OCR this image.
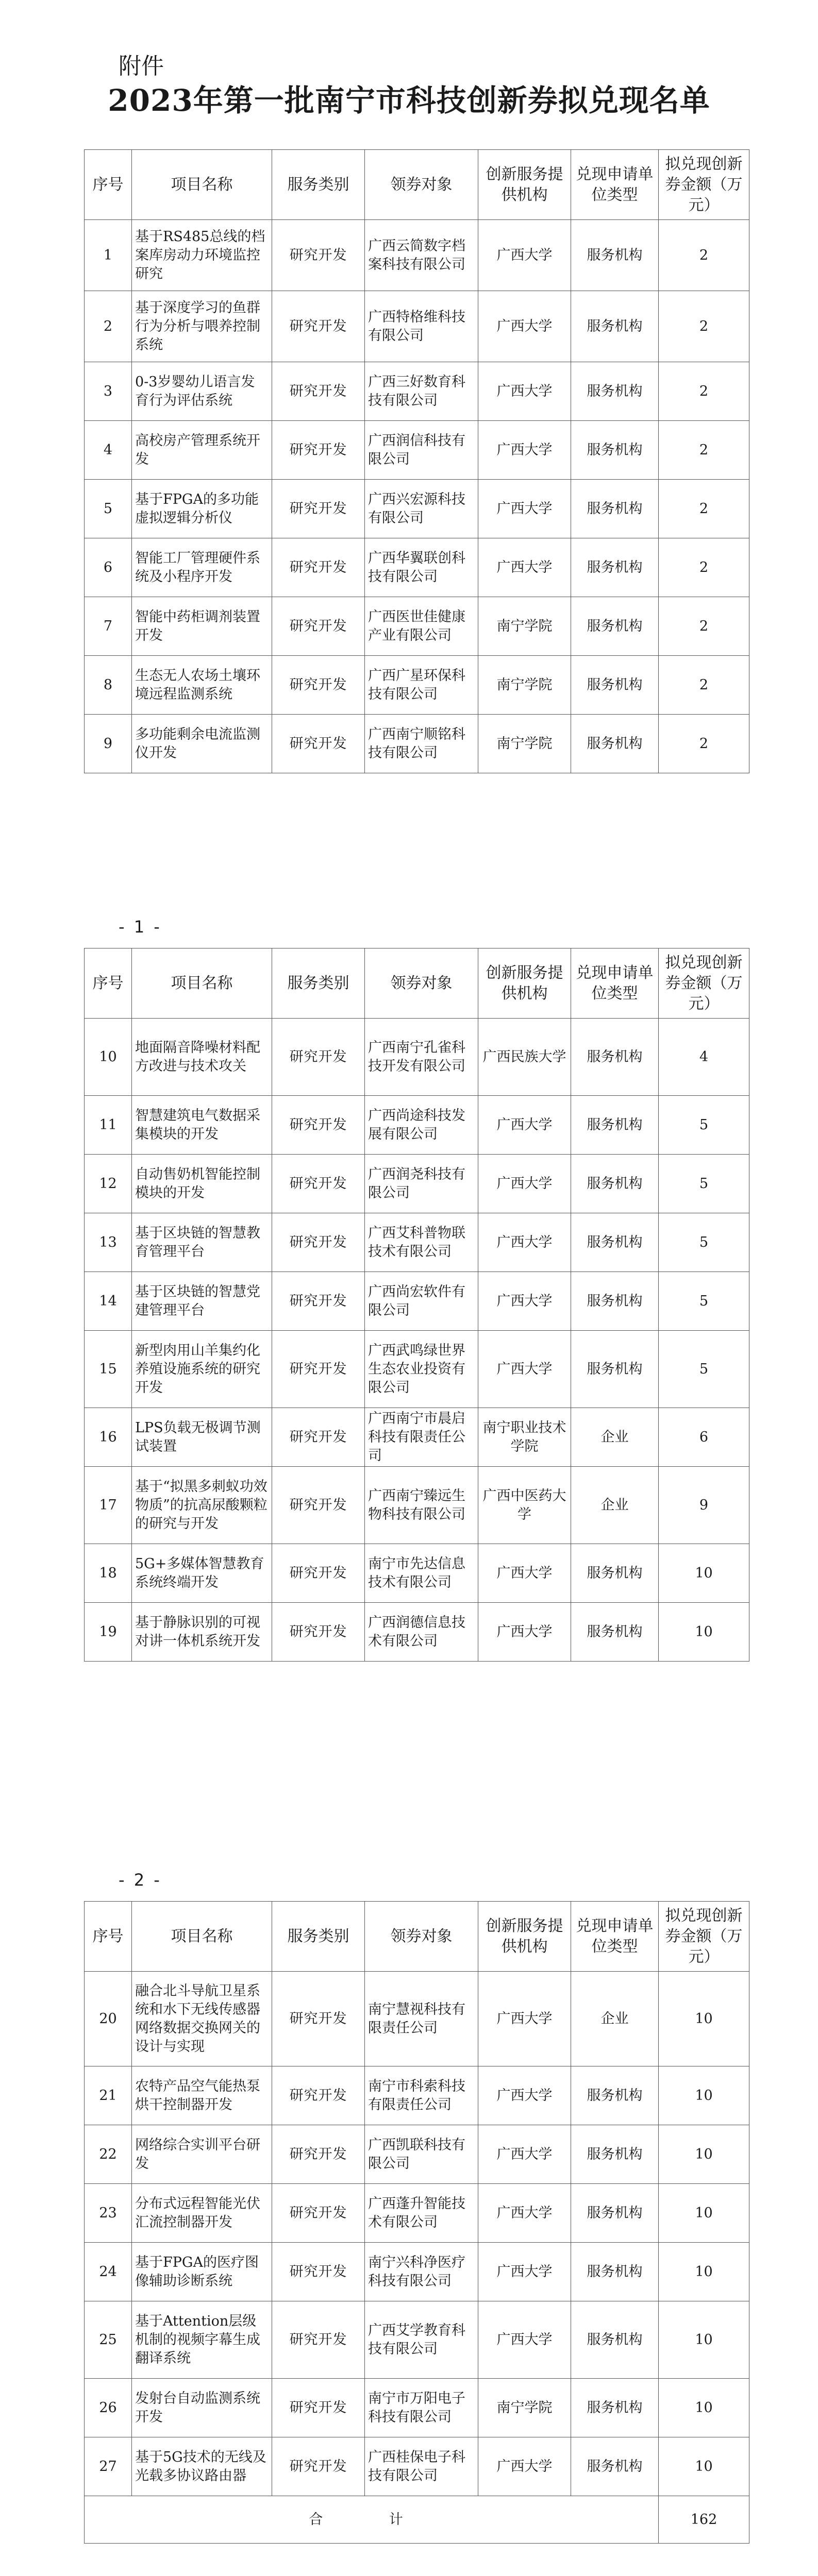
附件
2023年第一批南宁市科技创新券拟兑现名单
序号	项目名称	服务类别	领券对象	创新服务提供机构	兑现申请单位类型	拟兑现创新券金额（万元）
1	基于RS485总线的档案库房动力环境监控研究	研究开发	广西云简数字档案科技有限公司	广西大学	服务机构	2
2	基于深度学习的鱼群行为分析与喂养控制系统	研究开发	广西特格维科技有限公司	广西大学	服务机构	2
3	0-3岁婴幼儿语言发育行为评估系统	研究开发	广西三好数育科技有限公司	广西大学	服务机构	2
4	高校房产管理系统开发	研究开发	广西润信科技有限公司	广西大学	服务机构	2
5	基于FPGA的多功能虚拟逻辑分析仪	研究开发	广西兴宏源科技有限公司	广西大学	服务机构	2
6	智能工厂管理硬件系统及小程序开发	研究开发	广西华翼联创科技有限公司	广西大学	服务机构	2
7	智能中药柜调剂装置开发	研究开发	广西医世佳健康产业有限公司	南宁学院	服务机构	2
8	生态无人农场土壤环境远程监测系统	研究开发	广西广星环保科技有限公司	南宁学院	服务机构	2
9	多功能剩余电流监测仪开发	研究开发	广西南宁顺铭科技有限公司	南宁学院	服务机构	2
- 1 -
序号	项目名称	服务类别	领券对象	创新服务提供机构	兑现申请单位类型	拟兑现创新券金额（万元）
10	地面隔音降噪材料配方改进与技术攻关	研究开发	广西南宁孔雀科技开发有限公司	广西民族大学	服务机构	4
11	智慧建筑电气数据采集模块的开发	研究开发	广西尚途科技发展有限公司	广西大学	服务机构	5
12	自动售奶机智能控制模块的开发	研究开发	广西润尧科技有限公司	广西大学	服务机构	5
13	基于区块链的智慧教育管理平台	研究开发	广西艾科普物联技术有限公司	广西大学	服务机构	5
14	基于区块链的智慧党建管理平台	研究开发	广西尚宏软件有限公司	广西大学	服务机构	5
15	新型肉用山羊集约化养殖设施系统的研究开发	研究开发	广西武鸣绿世界生态农业投资有限公司	广西大学	服务机构	5
16	LPS负载无极调节测试装置	研究开发	广西南宁市晨启科技有限责任公司	南宁职业技术学院	企业	6
17	基于“拟黑多刺蚁功效物质”的抗高尿酸颗粒的研究与开发	研究开发	广西南宁臻远生物科技有限公司	广西中医药大学	企业	9
18	5G+多媒体智慧教育系统终端开发	研究开发	南宁市先达信息技术有限公司	广西大学	服务机构	10
19	基于静脉识别的可视对讲一体机系统开发	研究开发	广西润德信息技术有限公司	广西大学	服务机构	10
- 2 -
序号	项目名称	服务类别	领券对象	创新服务提供机构	兑现申请单位类型	拟兑现创新券金额（万元）
20	融合北斗导航卫星系统和水下无线传感器网络数据交换网关的设计与实现	研究开发	南宁慧视科技有限责任公司	广西大学	企业	10
21	农特产品空气能热泵烘干控制器开发	研究开发	南宁市科索科技有限责任公司	广西大学	服务机构	10
22	网络综合实训平台研发	研究开发	广西凯联科技有限公司	广西大学	服务机构	10
23	分布式远程智能光伏汇流控制器开发	研究开发	广西蓬升智能技术有限公司	广西大学	服务机构	10
24	基于FPGA的医疗图像辅助诊断系统	研究开发	南宁兴科净医疗科技有限公司	广西大学	服务机构	10
25	基于Attention层级机制的视频字幕生成翻译系统	研究开发	广西艾学教育科技有限公司	广西大学	服务机构	10
26	发射台自动监测系统开发	研究开发	南宁市万阳电子科技有限公司	南宁学院	服务机构	10
27	基于5G技术的无线及光载多协议路由器	研究开发	广西桂保电子科技有限公司	广西大学	服务机构	10
合 计						162
